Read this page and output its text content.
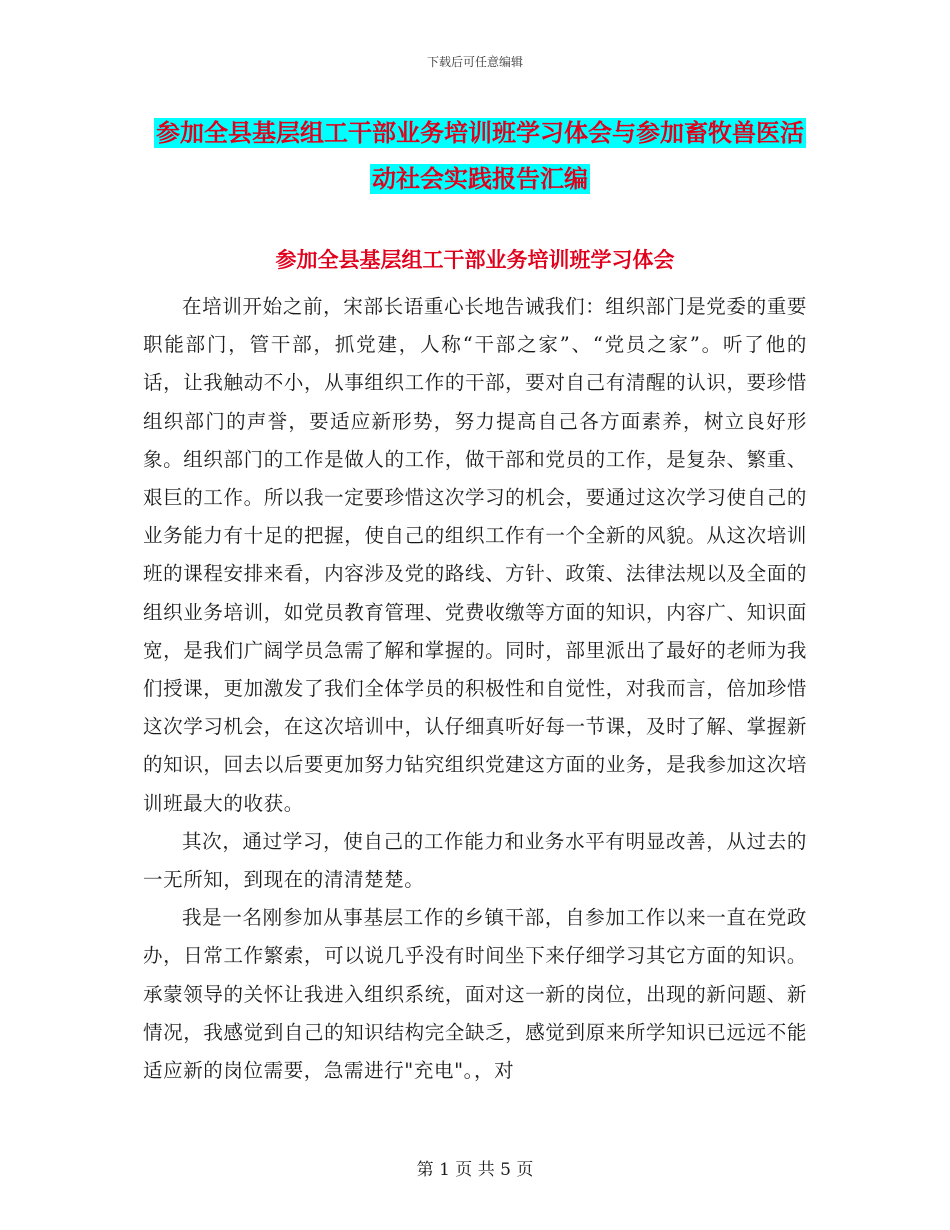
下载后可任意编辑
参加全县基层组工干部业务培训班学习体会与参加畜牧兽医活动社会实践报告汇编
参加全县基层组工干部业务培训班学习体会

在培训开始之前，宋部长语重心长地告诫我们：组织部门是党委的重要职能部门，管干部，抓党建，人称“干部之家”、“党员之家”。听了他的话，让我触动不小，从事组织工作的干部，要对自己有清醒的认识，要珍惜组织部门的声誉，要适应新形势，努力提高自己各方面素养，树立良好形象。组织部门的工作是做人的工作，做干部和党员的工作，是复杂、繁重、艰巨的工作。所以我一定要珍惜这次学习的机会，要通过这次学习使自己的业务能力有十足的把握，使自己的组织工作有一个全新的风貌。从这次培训班的课程安排来看，内容涉及党的路线、方针、政策、法律法规以及全面的组织业务培训，如党员教育管理、党费收缴等方面的知识，内容广、知识面宽，是我们广阔学员急需了解和掌握的。同时，部里派出了最好的老师为我们授课，更加激发了我们全体学员的积极性和自觉性，对我而言，倍加珍惜这次学习机会，在这次培训中，认仔细真听好每一节课，及时了解、掌握新的知识，回去以后要更加努力钻究组织党建这方面的业务，是我参加这次培训班最大的收获。

其次，通过学习，使自己的工作能力和业务水平有明显改善，从过去的一无所知，到现在的清清楚楚。

我是一名刚参加从事基层工作的乡镇干部，自参加工作以来一直在党政办，日常工作繁索，可以说几乎没有时间坐下来仔细学习其它方面的知识。承蒙领导的关怀让我进入组织系统，面对这一新的岗位，出现的新问题、新情况，我感觉到自己的知识结构完全缺乏，感觉到原来所学知识已远远不能适应新的岗位需要，急需进行"充电"。，对

第 1 页 共 5 页
